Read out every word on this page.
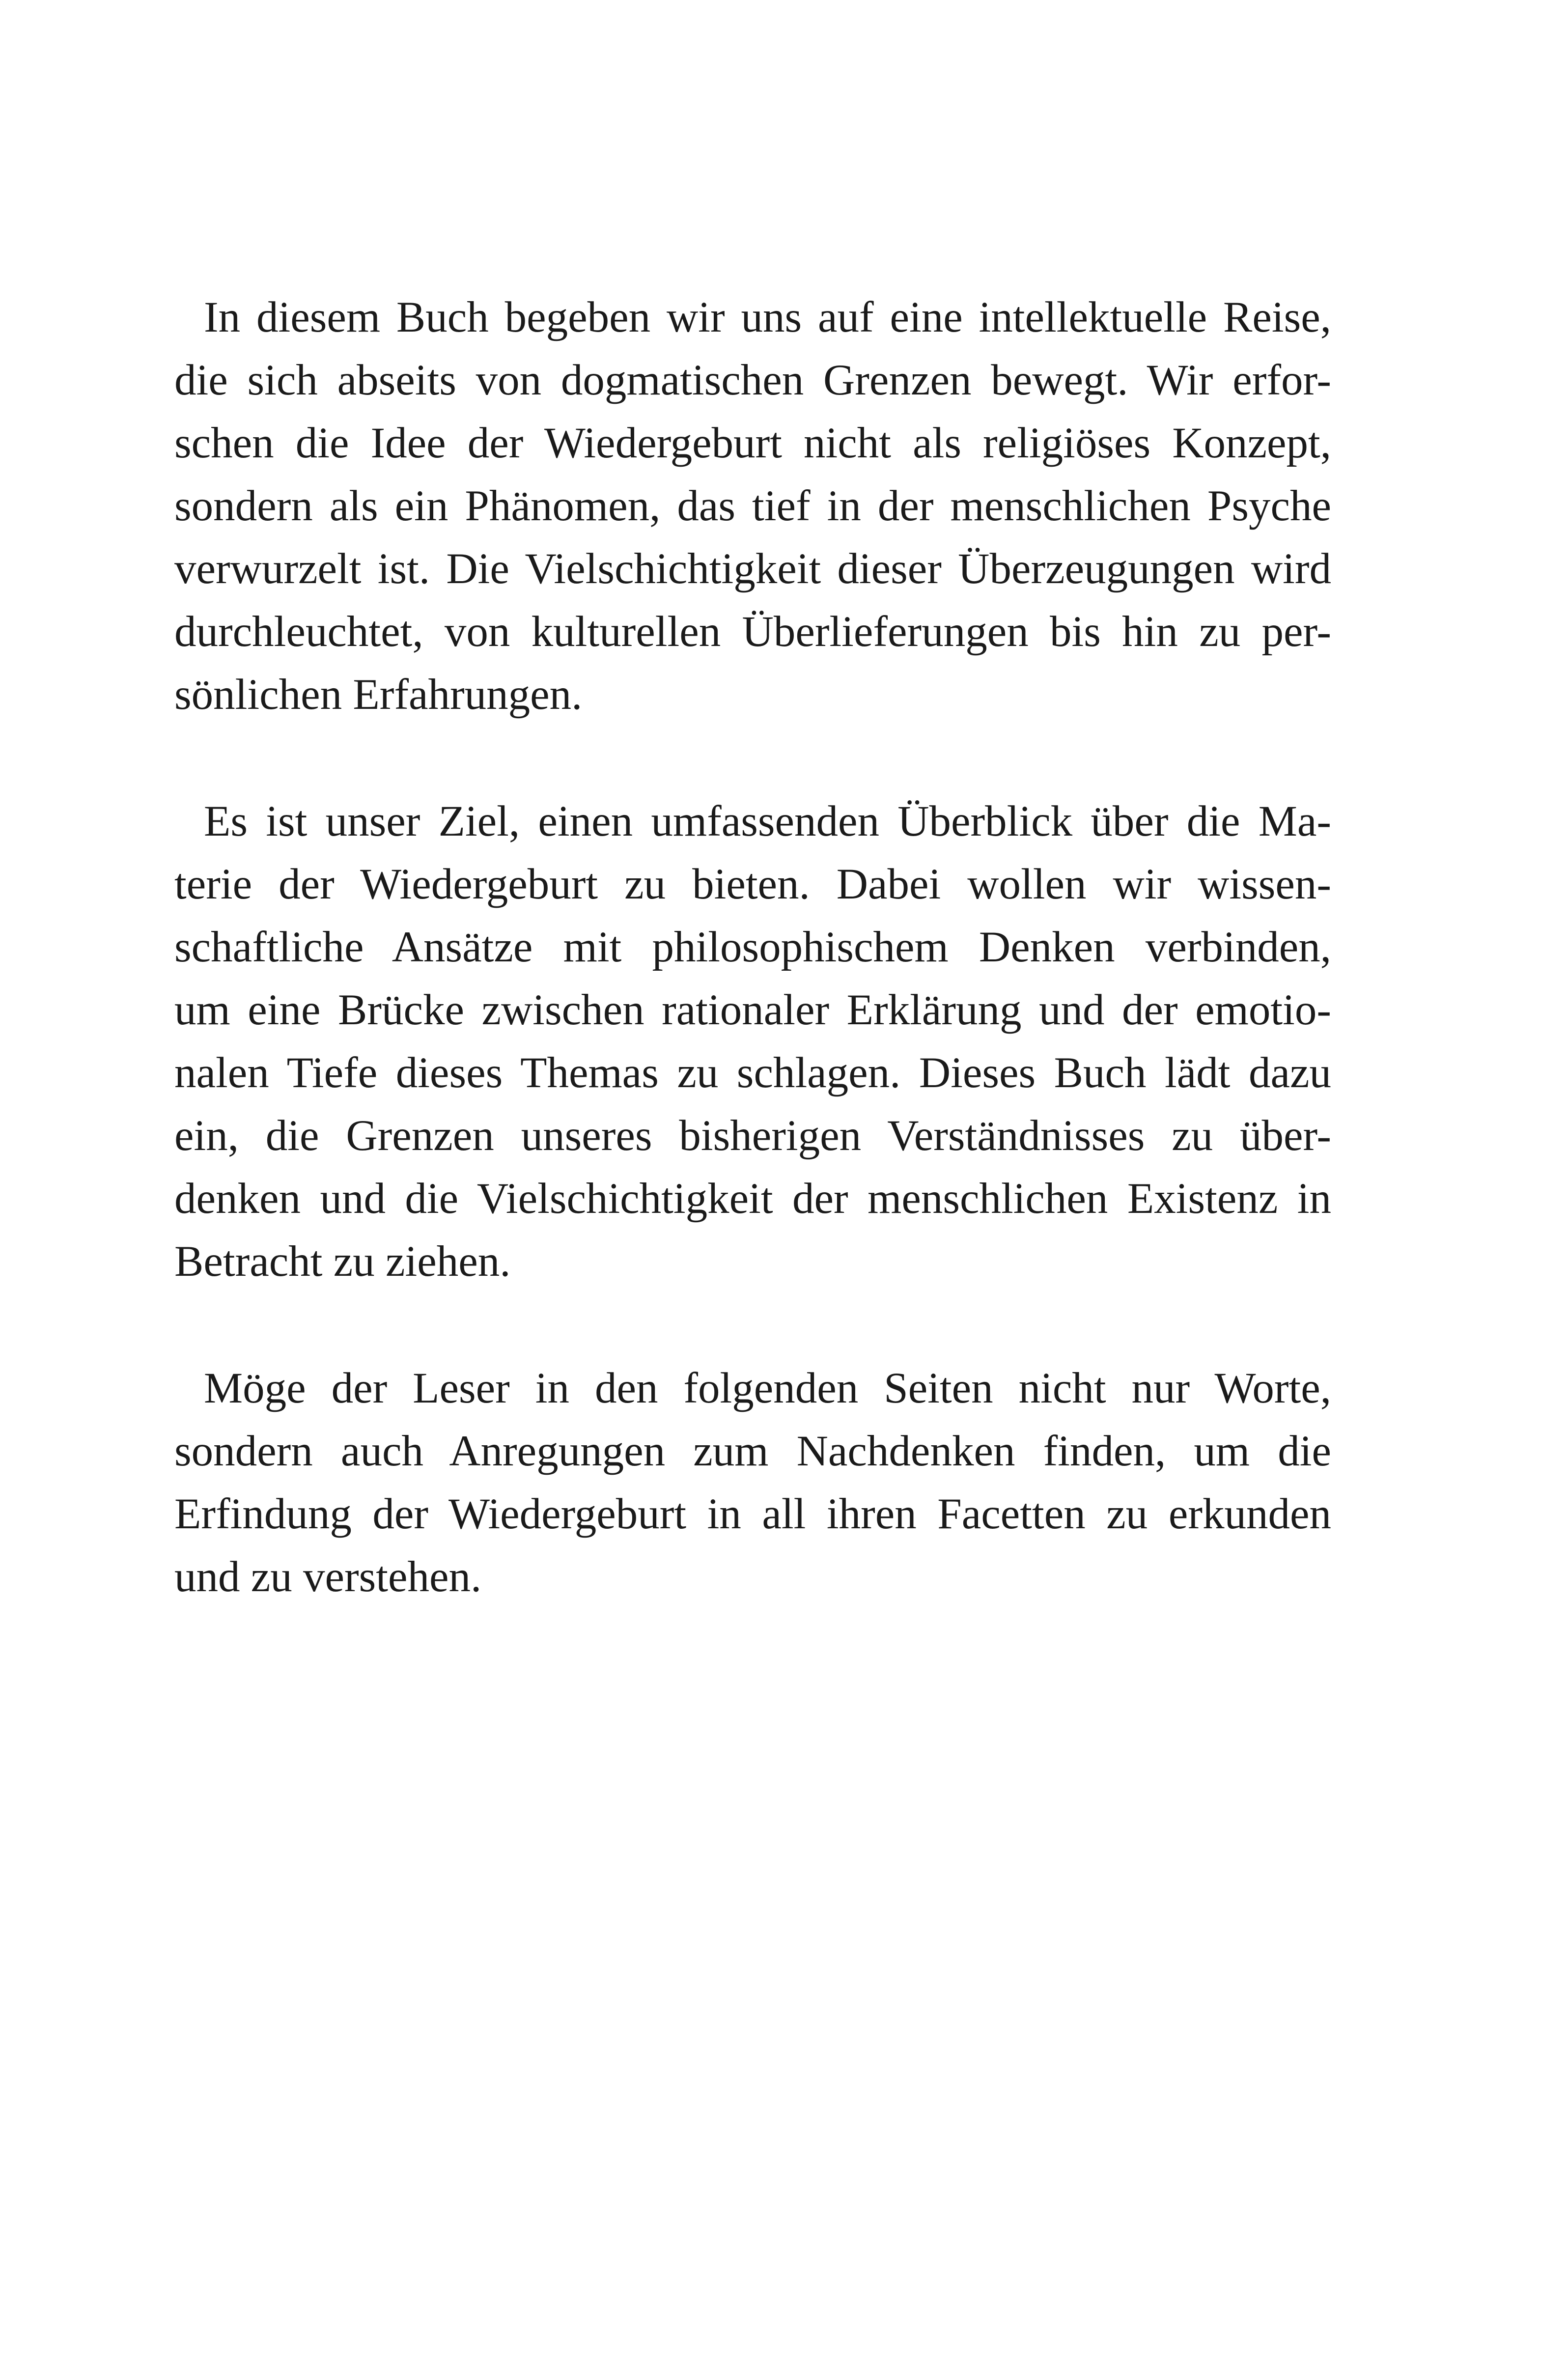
In diesem Buch begeben wir uns auf eine intellektuelle Reise,
die sich abseits von dogmatischen Grenzen bewegt. Wir erfor-
schen die Idee der Wiedergeburt nicht als religiöses Konzept,
sondern als ein Phänomen, das tief in der menschlichen Psyche
verwurzelt ist. Die Vielschichtigkeit dieser Überzeugungen wird
durchleuchtet, von kulturellen Überlieferungen bis hin zu per-
sönlichen Erfahrungen.

Es ist unser Ziel, einen umfassenden Überblick über die Ma-
terie der Wiedergeburt zu bieten. Dabei wollen wir wissen-
schaftliche Ansätze mit philosophischem Denken verbinden,
um eine Brücke zwischen rationaler Erklärung und der emotio-
nalen Tiefe dieses Themas zu schlagen. Dieses Buch lädt dazu
ein, die Grenzen unseres bisherigen Verständnisses zu über-
denken und die Vielschichtigkeit der menschlichen Existenz in
Betracht zu ziehen.

Möge der Leser in den folgenden Seiten nicht nur Worte,
sondern auch Anregungen zum Nachdenken finden, um die
Erfindung der Wiedergeburt in all ihren Facetten zu erkunden
und zu verstehen.
